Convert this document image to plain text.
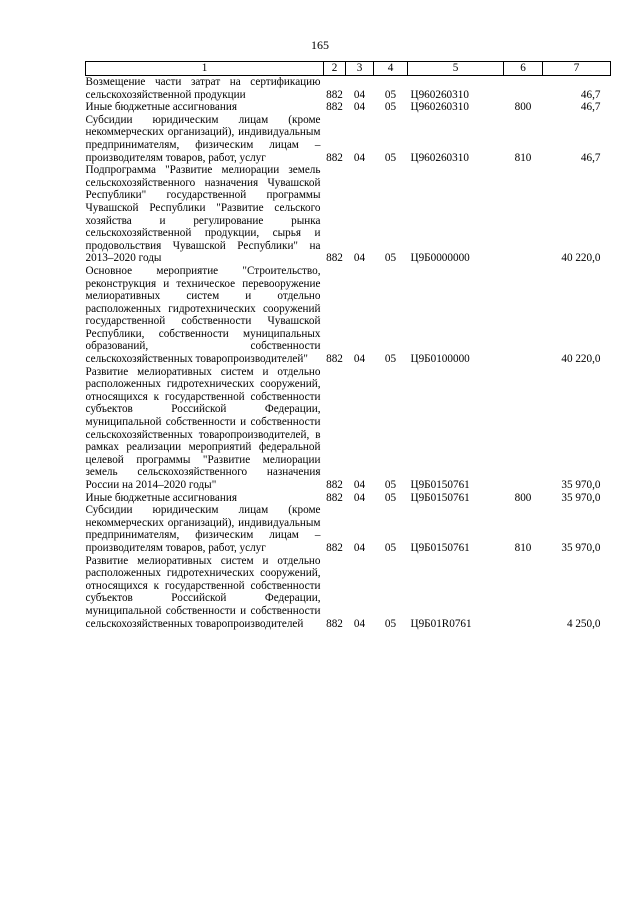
165
1	2	3	4	5	6	7
Возмещение части затрат на сертификацию сельскохозяйственной продукции	882	04	05	Ц960260310		46,7
Иные бюджетные ассигнования	882	04	05	Ц960260310	800	46,7
Субсидии юридическим лицам (кроме некоммерческих организаций), индивидуальным предпринимателям, физическим лицам – производителям товаров, работ, услуг	882	04	05	Ц960260310	810	46,7
Подпрограмма "Развитие мелиорации земель сельскохозяйственного назначения Чувашской Республики" государственной программы Чувашской Республики "Развитие сельского хозяйства и регулирование рынка сельскохозяйственной продукции, сырья и продовольствия Чувашской Республики" на 2013–2020 годы	882	04	05	Ц9Б0000000		40 220,0
Основное мероприятие "Строительство, реконструкция и техническое перевооружение мелиоративных систем и отдельно расположенных гидротехнических сооружений государственной собственности Чувашской Республики, собственности муниципальных образований, собственности сельскохозяйственных товаропроизводителей"	882	04	05	Ц9Б0100000		40 220,0
Развитие мелиоративных систем и отдельно расположенных гидротехнических сооружений, относящихся к государственной собственности субъектов Российской Федерации, муниципальной собственности и собственности сельскохозяйственных товаропроизводителей, в рамках реализации мероприятий федеральной целевой программы "Развитие мелиорации земель сельскохозяйственного назначения России на 2014–2020 годы"	882	04	05	Ц9Б0150761		35 970,0
Иные бюджетные ассигнования	882	04	05	Ц9Б0150761	800	35 970,0
Субсидии юридическим лицам (кроме некоммерческих организаций), индивидуальным предпринимателям, физическим лицам – производителям товаров, работ, услуг	882	04	05	Ц9Б0150761	810	35 970,0
Развитие мелиоративных систем и отдельно расположенных гидротехнических сооружений, относящихся к государственной собственности субъектов Российской Федерации, муниципальной собственности и собственности сельскохозяйственных товаропроизводителей	882	04	05	Ц9Б01R0761		4 250,0
